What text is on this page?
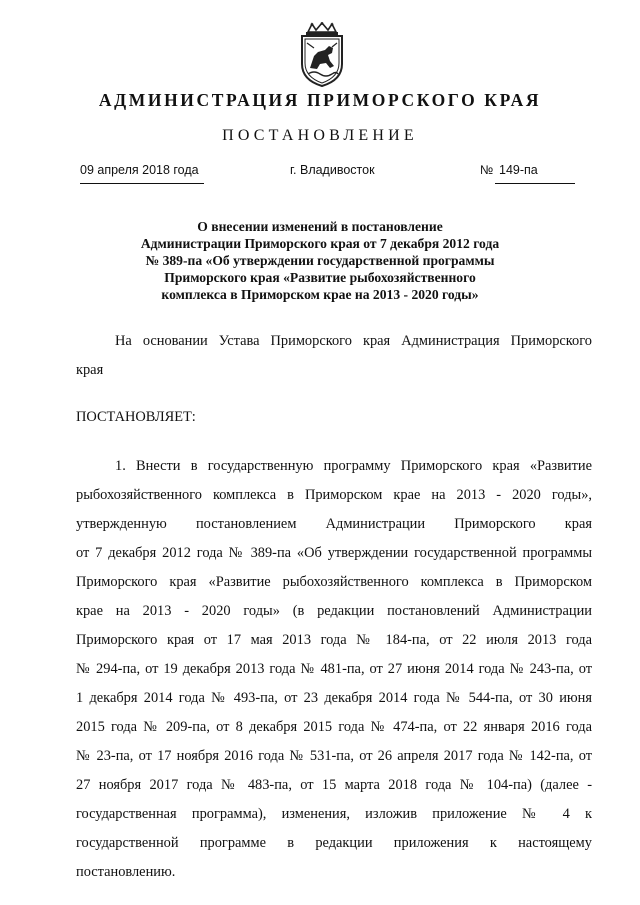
АДМИНИСТРАЦИЯ ПРИМОРСКОГО КРАЯ
ПОСТАНОВЛЕНИЕ
09 апреля 2018 года	г. Владивосток	№ 149-па
О внесении изменений в постановление
Администрации Приморского края от 7 декабря 2012 года
№ 389-па «Об утверждении государственной программы
Приморского края «Развитие рыбохозяйственного
комплекса в Приморском крае на 2013 - 2020 годы»
На основании Устава Приморского края Администрация Приморского
края
ПОСТАНОВЛЯЕТ:
1. Внести в государственную программу Приморского края «Развитие
рыбохозяйственного комплекса в Приморском крае на 2013 - 2020 годы»,
утвержденную постановлением Администрации Приморского края
от 7 декабря 2012 года № 389-па «Об утверждении государственной программы
Приморского края «Развитие рыбохозяйственного комплекса в Приморском
крае на 2013 - 2020 годы» (в редакции постановлений Администрации
Приморского края от 17 мая 2013 года № 184-па, от 22 июля 2013 года
№ 294-па, от 19 декабря 2013 года № 481-па, от 27 июня 2014 года № 243-па, от
1 декабря 2014 года № 493-па, от 23 декабря 2014 года № 544-па, от 30 июня
2015 года № 209-па, от 8 декабря 2015 года № 474-па, от 22 января 2016 года
№ 23-па, от 17 ноября 2016 года № 531-па, от 26 апреля 2017 года № 142-па, от
27 ноября 2017 года № 483-па, от 15 марта 2018 года № 104-па) (далее -
государственная программа), изменения, изложив приложение № 4 к
государственной программе в редакции приложения к настоящему
постановлению.
